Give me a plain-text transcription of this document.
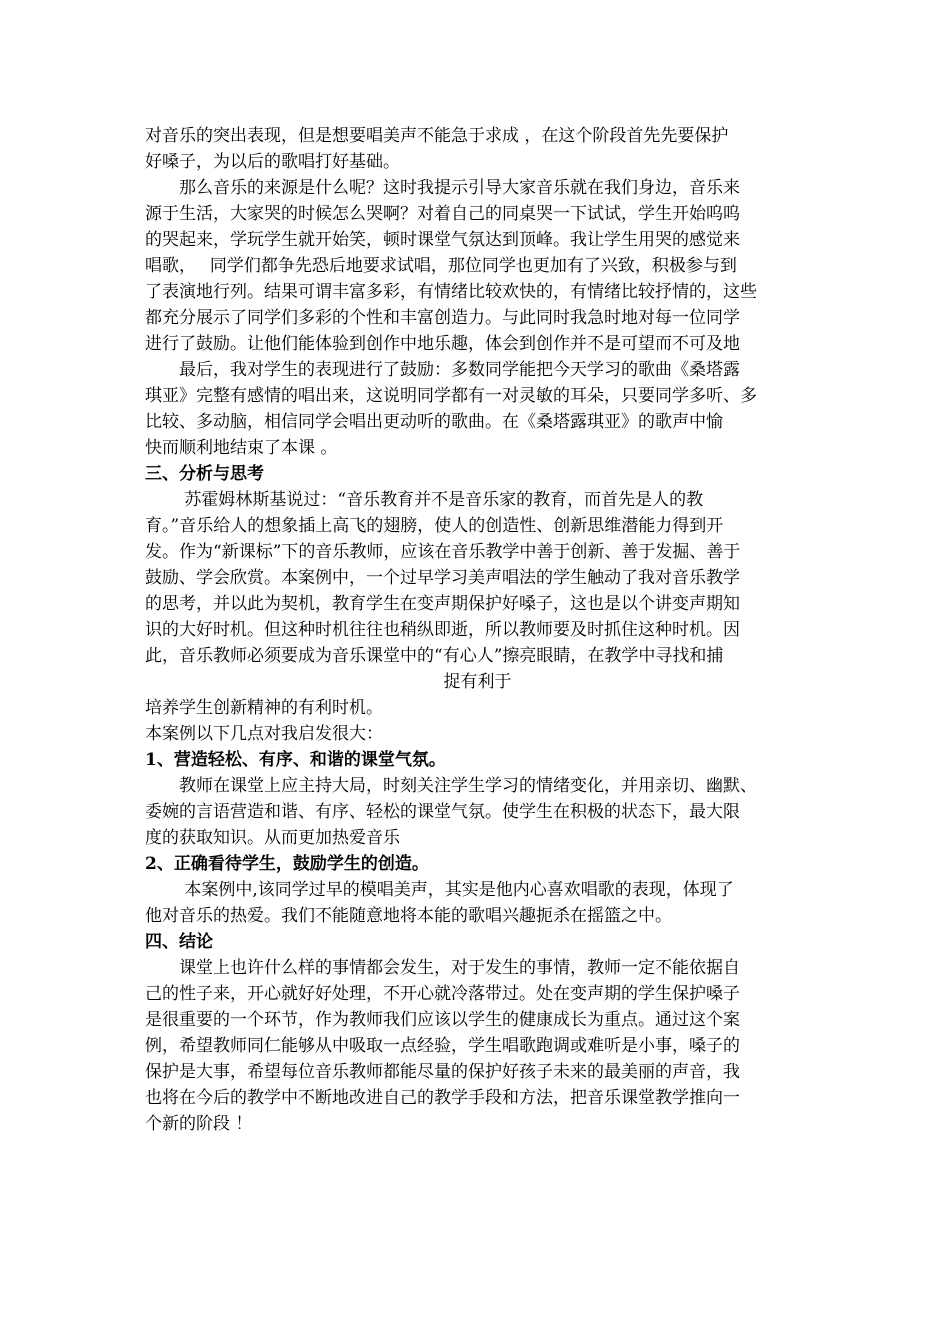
对音乐的突出表现，但是想要唱美声不能急于求成 ，在这个阶段首先先要保护
好嗓子，为以后的歌唱打好基础。
　　那么音乐的来源是什么呢？这时我提示引导大家音乐就在我们身边，音乐来
源于生活，大家哭的时候怎么哭啊？对着自己的同桌哭一下试试，学生开始呜呜
的哭起来，学玩学生就开始笑，顿时课堂气氛达到顶峰。我让学生用哭的感觉来
唱歌，　 同学们都争先恐后地要求试唱，那位同学也更加有了兴致，积极参与到
了表演地行列。结果可谓丰富多彩，有情绪比较欢快的，有情绪比较抒情的，这些
都充分展示了同学们多彩的个性和丰富创造力。与此同时我急时地对每一位同学
进行了鼓励。让他们能体验到创作中地乐趣，体会到创作并不是可望而不可及地
　　最后，我对学生的表现进行了鼓励：多数同学能把今天学习的歌曲《桑塔露
琪亚》完整有感情的唱出来，这说明同学都有一对灵敏的耳朵，只要同学多听、多
比较、多动脑，相信同学会唱出更动听的歌曲。在《桑塔露琪亚》的歌声中愉
快而顺利地结束了本课 。
三、分析与思考
　　 苏霍姆林斯基说过：“音乐教育并不是音乐家的教育，而首先是人的教
育。”音乐给人的想象插上高飞的翅膀，使人的创造性、创新思维潜能力得到开
发。作为“新课标”下的音乐教师，应该在音乐教学中善于创新、善于发掘、善于
鼓励、学会欣赏。本案例中，一个过早学习美声唱法的学生触动了我对音乐教学
的思考，并以此为契机，教育学生在变声期保护好嗓子，这也是以个讲变声期知
识的大好时机。但这种时机往往也稍纵即逝，所以教师要及时抓住这种时机。因
此，音乐教师必须要成为音乐课堂中的“有心人”擦亮眼睛，在教学中寻找和捕
捉有利于
培养学生创新精神的有利时机。
本案例以下几点对我启发很大：
1、营造轻松、有序、和谐的课堂气氛。
　　教师在课堂上应主持大局，时刻关注学生学习的情绪变化，并用亲切、幽默、
委婉的言语营造和谐、有序、轻松的课堂气氛。使学生在积极的状态下，最大限
度的获取知识。从而更加热爱音乐
2、正确看待学生，鼓励学生的创造。
　　 本案例中,该同学过早的模唱美声，其实是他内心喜欢唱歌的表现，体现了
他对音乐的热爱。我们不能随意地将本能的歌唱兴趣扼杀在摇篮之中。
四、结论
　　课堂上也许什么样的事情都会发生，对于发生的事情，教师一定不能依据自
己的性子来，开心就好好处理，不开心就冷落带过。处在变声期的学生保护嗓子
是很重要的一个环节，作为教师我们应该以学生的健康成长为重点。通过这个案
例，希望教师同仁能够从中吸取一点经验，学生唱歌跑调或难听是小事，嗓子的
保护是大事，希望每位音乐教师都能尽量的保护好孩子未来的最美丽的声音，我
也将在今后的教学中不断地改进自己的教学手段和方法，把音乐课堂教学推向一
个新的阶段 ！
